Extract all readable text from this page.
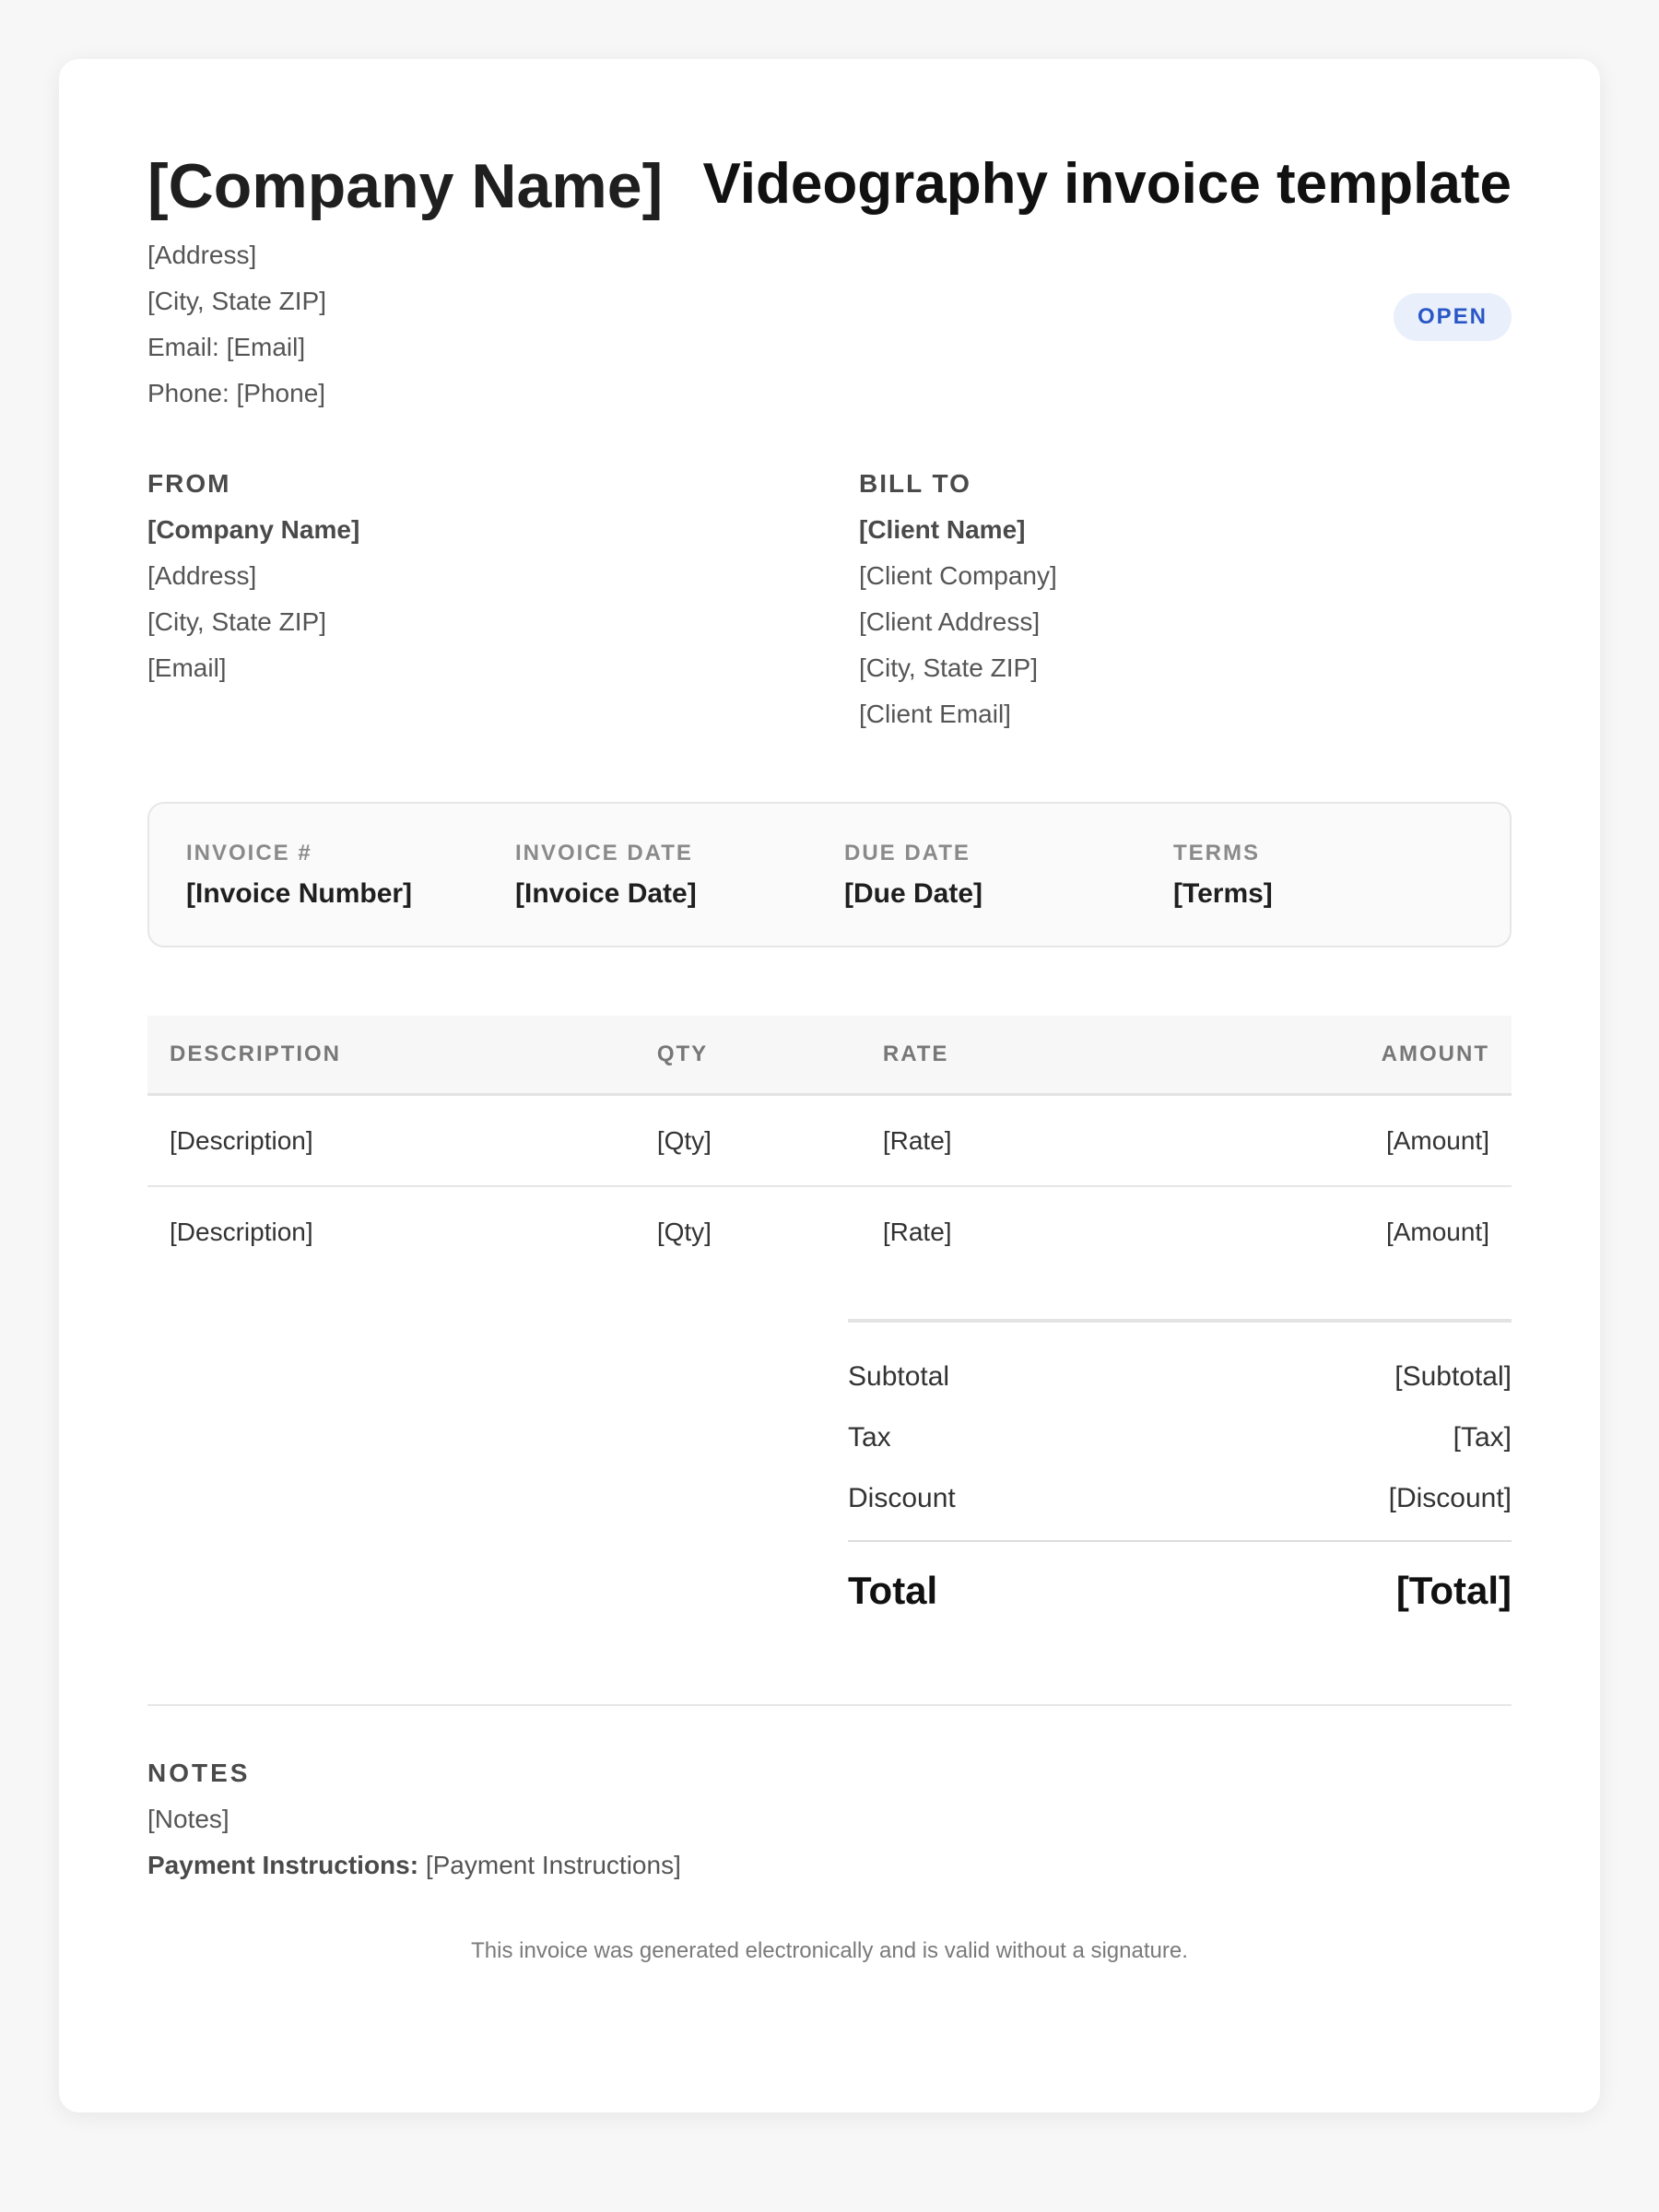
[Company Name]
[Address]
[City, State ZIP]
Email: [Email]
Phone: [Phone]
Videography invoice template
OPEN
FROM
[Company Name]
[Address]
[City, State ZIP]
[Email]
BILL TO
[Client Name]
[Client Company]
[Client Address]
[City, State ZIP]
[Client Email]
INVOICE #
[Invoice Number]
INVOICE DATE
[Invoice Date]
DUE DATE
[Due Date]
TERMS
[Terms]
DESCRIPTION	QTY	RATE	AMOUNT
[Description]	[Qty]	[Rate]	[Amount]
[Description]	[Qty]	[Rate]	[Amount]
Subtotal	[Subtotal]
Tax	[Tax]
Discount	[Discount]
Total	[Total]
NOTES
[Notes]
Payment Instructions: [Payment Instructions]
This invoice was generated electronically and is valid without a signature.
